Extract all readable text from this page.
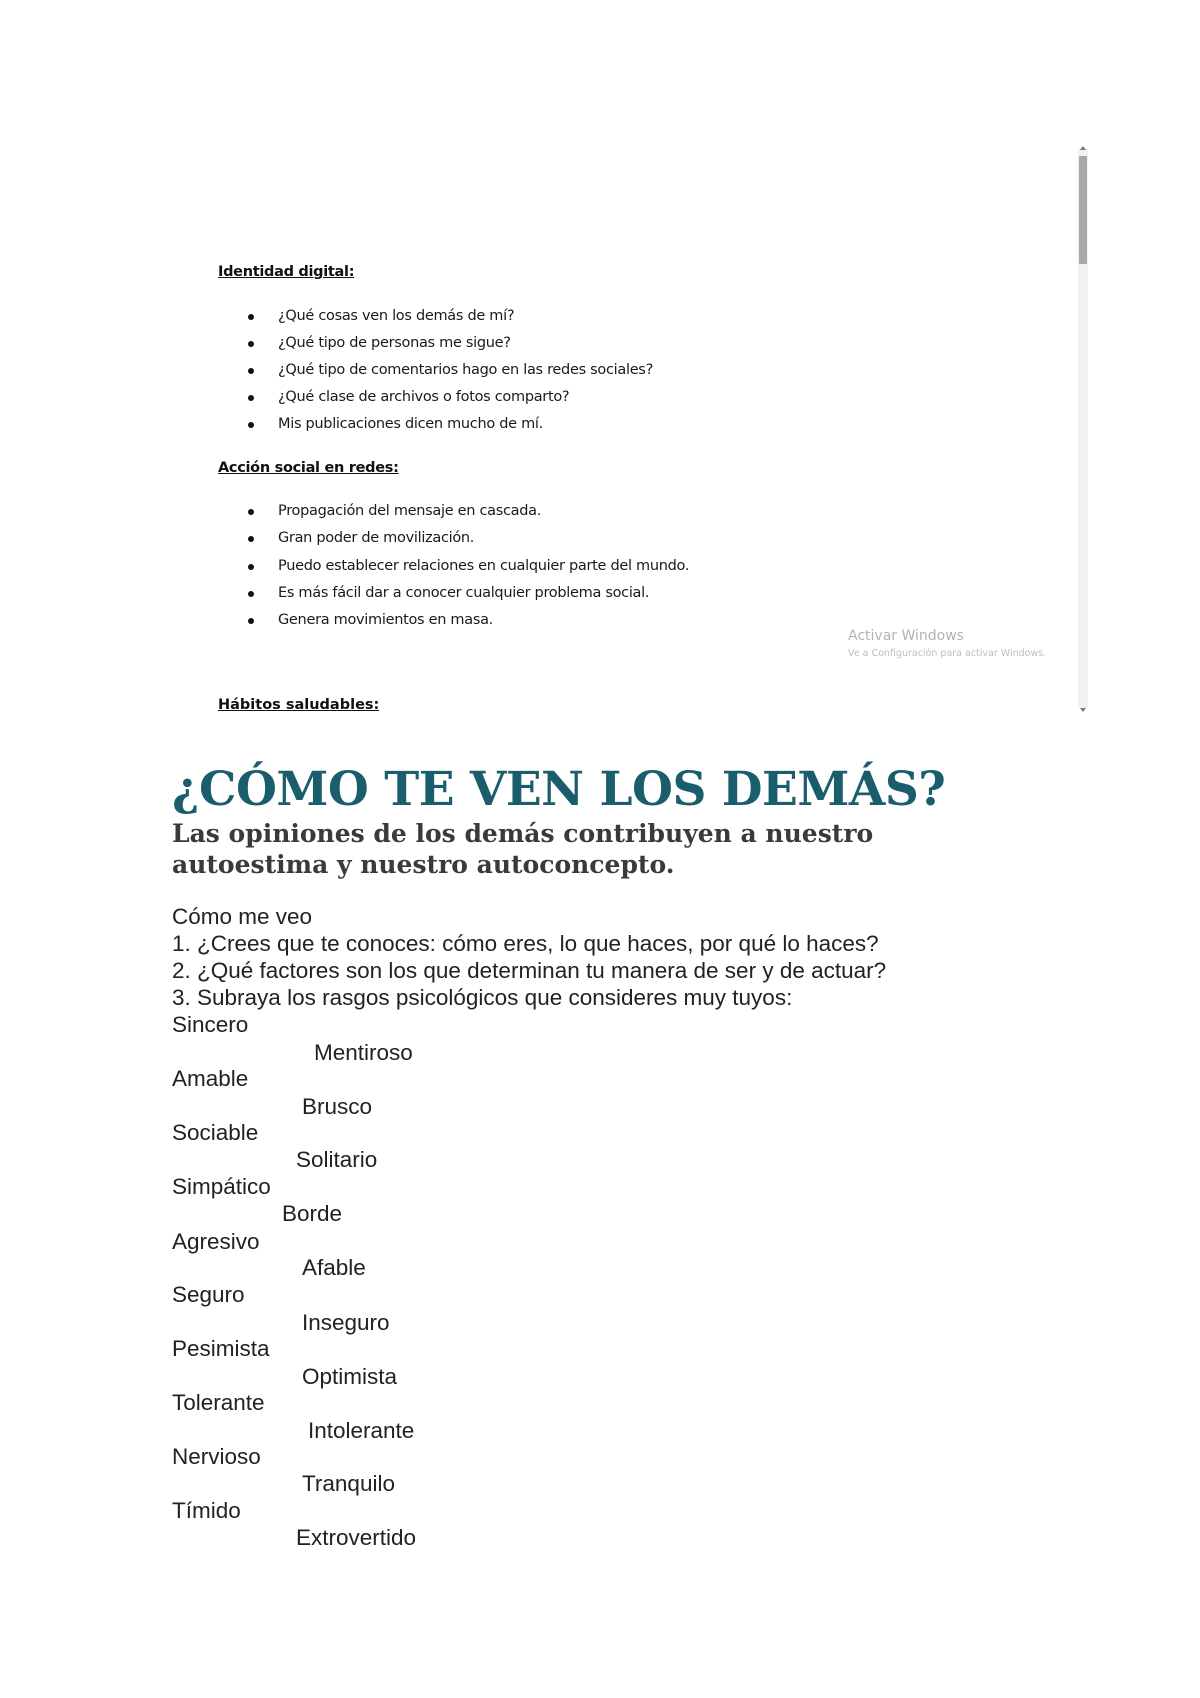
Identidad digital:

¿Qué cosas ven los demás de mí?
¿Qué tipo de personas me sigue?
¿Qué tipo de comentarios hago en las redes sociales?
¿Qué clase de archivos o fotos comparto?
Mis publicaciones dicen mucho de mí.

Acción social en redes:

Propagación del mensaje en cascada.
Gran poder de movilización.
Puedo establecer relaciones en cualquier parte del mundo.
Es más fácil dar a conocer cualquier problema social.
Genera movimientos en masa.
Activar Windows
Ve a Configuración para activar Windows.
Hábitos saludables:
¿CÓMO TE VEN LOS DEMÁS?
Las opiniones de los demás contribuyen a nuestro autoestima y nuestro autoconcepto.

Cómo me veo

1. ¿Crees que te conoces: cómo eres, lo que haces, por qué lo haces?

2. ¿Qué factores son los que determinan tu manera de ser y de actuar?

3. Subraya los rasgos psicológicos que consideres muy tuyos:

Sincero

Mentiroso

Amable

Brusco

Sociable

Solitario

Simpático

Borde

Agresivo

Afable

Seguro

Inseguro

Pesimista

Optimista

Tolerante

Intolerante

Nervioso

Tranquilo

Tímido

Extrovertido
